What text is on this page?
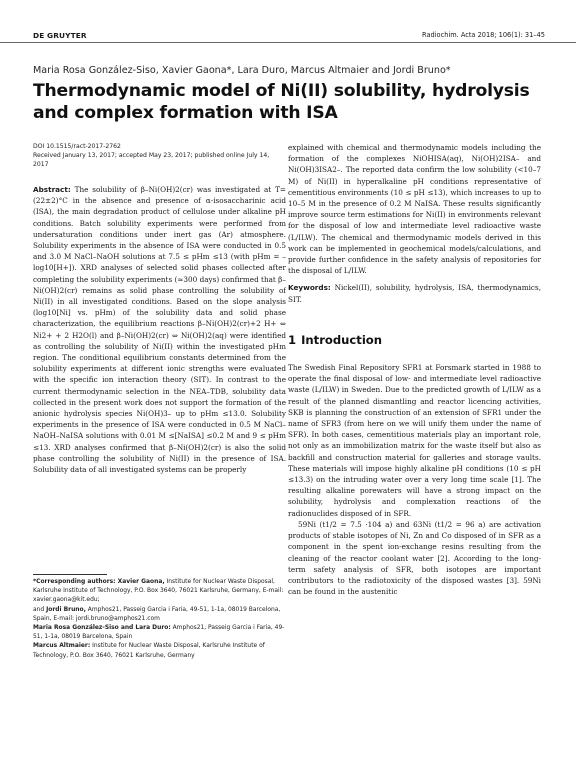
DE GRUYTER	Radiochim. Acta 2018; 106(1): 31–45
Maria Rosa González-Siso, Xavier Gaona*, Lara Duro, Marcus Altmaier and Jordi Bruno*
Thermodynamic model of Ni(II) solubility, hydrolysis and complex formation with ISA
DOI 10.1515/ract-2017-2762
Received January 13, 2017; accepted May 23, 2017; published online July 14, 2017

Abstract: The solubility of β–Ni(OH)2(cr) was investigated at T=(22±2)°C in the absence and presence of α-isosaccharinic acid (ISA), the main degradation product of cellulose under alkaline pH conditions. Batch solubility experiments were performed from undersaturation conditions under inert gas (Ar) atmosphere. Solubility experiments in the absence of ISA were conducted in 0.5 and 3.0 M NaCl–NaOH solutions at 7.5 ≤ pHm ≤13 (with pHm = –log10[H+]). XRD analyses of selected solid phases collected after completing the solubility experiments (≈300 days) confirmed that β–Ni(OH)2(cr) remains as solid phase controlling the solubility of Ni(II) in all investigated conditions. Based on the slope analysis (log10[Ni] vs. pHm) of the solubility data and solid phase characterization, the equilibrium reactions β–Ni(OH)2(cr)+2 H+ ⇔ Ni2+ + 2 H2O(l) and β–Ni(OH)2(cr) ⇔ Ni(OH)2(aq) were identified as controlling the solubility of Ni(II) within the investigated pHm region. The conditional equilibrium constants determined from the solubility experiments at different ionic strengths were evaluated with the specific ion interaction theory (SIT). In contrast to the current thermodynamic selection in the NEA–TDB, solubility data collected in the present work does not support the formation of the anionic hydrolysis species Ni(OH)3– up to pHm ≤13.0. Solubility experiments in the presence of ISA were conducted in 0.5 M NaCl–NaOH–NaISA solutions with 0.01 M ≤[NaISA] ≤0.2 M and 9 ≤ pHm ≤13. XRD analyses confirmed that β–Ni(OH)2(cr) is also the solid phase controlling the solubility of Ni(II) in the presence of ISA. Solubility data of all investigated systems can be properly

explained with chemical and thermodynamic models including the formation of the complexes NiOHISA(aq), Ni(OH)2ISA– and Ni(OH)3ISA2–. The reported data confirm the low solubility (<10–7 M) of Ni(II) in hyperalkaline pH conditions representative of cementitious environments (10 ≤ pH ≤13), which increases to up to 10–5 M in the presence of 0.2 M NaISA. These results significantly improve source term estimations for Ni(II) in environments relevant for the disposal of low and intermediate level radioactive waste (L/ILW). The chemical and thermodynamic models derived in this work can be implemented in geochemical models/calculations, and provide further confidence in the safety analysis of repositories for the disposal of L/ILW.

Keywords: Nickel(II), solubility, hydrolysis, ISA, thermodynamics, SIT.

1 Introduction

The Swedish Final Repository SFR1 at Forsmark started in 1988 to operate the final disposal of low- and intermediate level radioactive waste (L/ILW) in Sweden. Due to the predicted growth of L/ILW as a result of the planned dismantling and reactor licencing activities, SKB is planning the construction of an extension of SFR1 under the name of SFR3 (from here on we will unify them under the name of SFR). In both cases, cementitious materials play an important role, not only as an immobilization matrix for the waste itself but also as backfill and construction material for galleries and storage vaults. These materials will impose highly alkaline pH conditions (10 ≤ pH ≤13.3) on the intruding water over a very long time scale [1]. The resulting alkaline porewaters will have a strong impact on the solubility, hydrolysis and complexation reactions of the radionuclides disposed of in SFR.

59Ni (t1/2 = 7.5 ·104 a) and 63Ni (t1/2 = 96 a) are activation products of stable isotopes of Ni, Zn and Co disposed of in SFR as a component in the spent ion-exchange resins resulting from the cleaning of the reactor coolant water [2]. According to the long-term safety analysis of SFR, both isotopes are important contributors to the radiotoxicity of the disposed wastes [3]. 59Ni can be found in the austenitic

*Corresponding authors: Xavier Gaona, Institute for Nuclear Waste Disposal, Karlsruhe Institute of Technology, P.O. Box 3640, 76021 Karlsruhe, Germany, E-mail: xavier.gaona@kit.edu;

and Jordi Bruno, Amphos21, Passeig Garcia i Faria, 49-51, 1-1a, 08019 Barcelona, Spain, E-mail: jordi.bruno@amphos21.com

Maria Rosa González-Siso and Lara Duro: Amphos21, Passeig Garcia i Faria, 49-51, 1-1a, 08019 Barcelona, Spain

Marcus Altmaier: Institute for Nuclear Waste Disposal, Karlsruhe Institute of Technology, P.O. Box 3640, 76021 Karlsruhe, Germany
